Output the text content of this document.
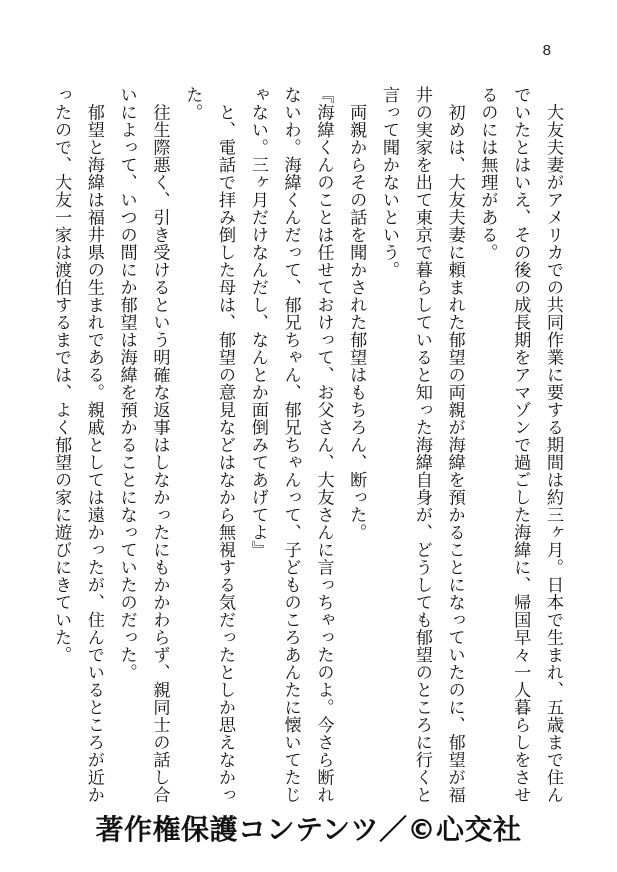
8

　大友夫妻がアメリカでの共同作業に要する期間は約三ヶ月。日本で生まれ、五歳まで住んでいたとはいえ、その後の成長期をアマゾンで過ごした海緯に、帰国早々一人暮らしをさせるのには無理がある。

　初めは、大友夫妻に頼まれた郁望の両親が海緯を預かることになっていたのに、郁望が福井の実家を出て東京で暮らしていると知った海緯自身が、どうしても郁望のところに行くと言って聞かないという。

　両親からその話を聞かされた郁望はもちろん、断った。

『海緯くんのことは任せておけって、お父さん、大友さんに言っちゃったのよ。今さら断れないわ。海緯くんだって、郁兄ちゃん、郁兄ちゃんって、子どものころあんたに懐いてたじゃない。三ヶ月だけなんだし、なんとか面倒みてあげてよ』

　と、電話で拝み倒した母は、郁望の意見などはなから無視する気だったとしか思えなかった。

　往生際悪く、引き受けるという明確な返事はしなかったにもかかわらず、親同士の話し合いによって、いつの間にか郁望は海緯を預かることになっていたのだった。

　郁望と海緯は福井県の生まれである。親戚としては遠かったが、住んでいるところが近かったので、大友一家は渡伯するまでは、よく郁望の家に遊びにきていた。

著作権保護コンテンツ／©心交社
